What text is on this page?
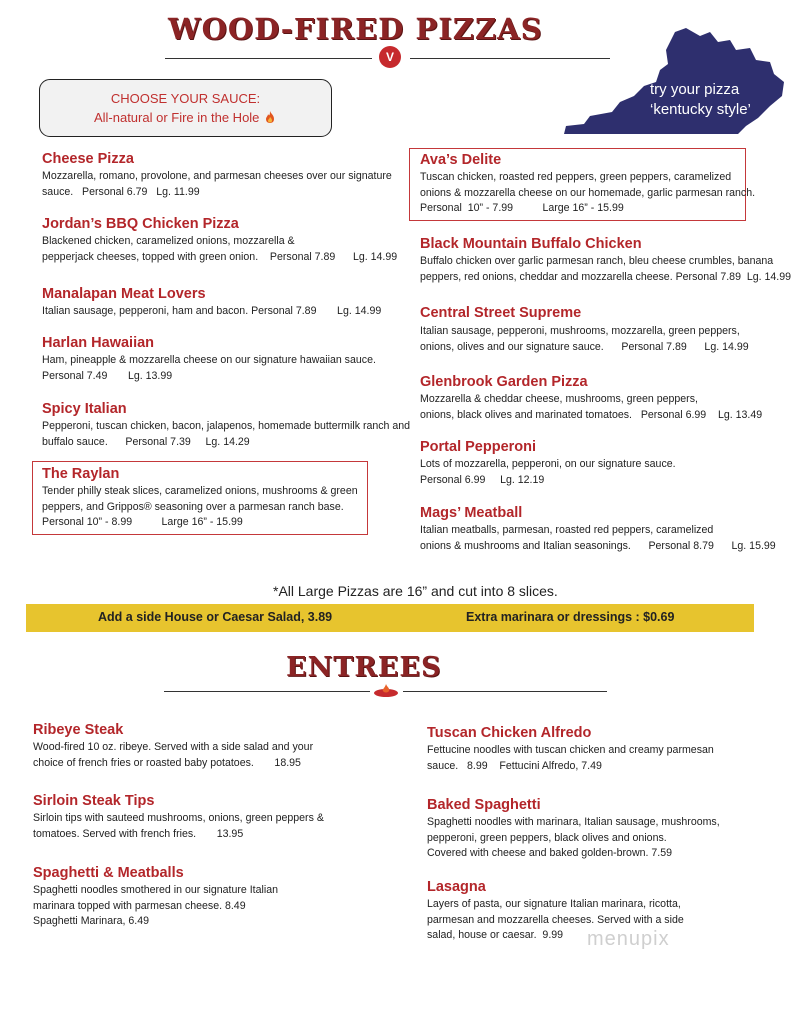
WOOD-FIRED PIZZAS
V
CHOOSE YOUR SAUCE:
All-natural or Fire in the Hole
try your pizza
‘kentucky style’
Cheese Pizza
Mozzarella, romano, provolone, and parmesan cheeses over our signature
sauce.   Personal 6.79   Lg. 11.99
Jordan’s BBQ Chicken Pizza
Blackened chicken, caramelized onions, mozzarella &
pepperjack cheeses, topped with green onion.    Personal 7.89      Lg. 14.99
Manalapan Meat Lovers
Italian sausage, pepperoni, ham and bacon. Personal 7.89       Lg. 14.99
Harlan Hawaiian
Ham, pineapple & mozzarella cheese on our signature hawaiian sauce.
Personal 7.49       Lg. 13.99
Spicy Italian
Pepperoni, tuscan chicken, bacon, jalapenos, homemade buttermilk ranch and
buffalo sauce.      Personal 7.39     Lg. 14.29
The Raylan
Tender philly steak slices, caramelized onions, mushrooms & green
peppers, and Grippos® seasoning over a parmesan ranch base.
Personal 10” - 8.99          Large 16” - 15.99
Ava’s Delite
Tuscan chicken, roasted red peppers, green peppers, caramelized
onions & mozzarella cheese on our homemade, garlic parmesan ranch.
Personal  10” - 7.99          Large 16” - 15.99
Black Mountain Buffalo Chicken
Buffalo chicken over garlic parmesan ranch, bleu cheese crumbles, banana
peppers, red onions, cheddar and mozzarella cheese. Personal 7.89  Lg. 14.99
Central Street Supreme
Italian sausage, pepperoni, mushrooms, mozzarella, green peppers,
onions, olives and our signature sauce.      Personal 7.89      Lg. 14.99
Glenbrook Garden Pizza
Mozzarella & cheddar cheese, mushrooms, green peppers,
onions, black olives and marinated tomatoes.   Personal 6.99    Lg. 13.49
Portal Pepperoni
Lots of mozzarella, pepperoni, on our signature sauce.
Personal 6.99     Lg. 12.19
Mags’ Meatball
Italian meatballs, parmesan, roasted red peppers, caramelized
onions & mushrooms and Italian seasonings.      Personal 8.79      Lg. 15.99
*All Large Pizzas are 16” and cut into 8 slices.
Add a side House or Caesar Salad, 3.89	Extra marinara or dressings : $0.69
ENTREES
Ribeye Steak
Wood-fired 10 oz. ribeye. Served with a side salad and your
choice of french fries or roasted baby potatoes.       18.95
Sirloin Steak Tips
Sirloin tips with sauteed mushrooms, onions, green peppers &
tomatoes. Served with french fries.       13.95
Spaghetti & Meatballs
Spaghetti noodles smothered in our signature Italian
marinara topped with parmesan cheese. 8.49
Spaghetti Marinara, 6.49
Tuscan Chicken Alfredo
Fettucine noodles with tuscan chicken and creamy parmesan
sauce.   8.99    Fettucini Alfredo, 7.49
Baked Spaghetti
Spaghetti noodles with marinara, Italian sausage, mushrooms,
pepperoni, green peppers, black olives and onions.
Covered with cheese and baked golden-brown. 7.59
Lasagna
Layers of pasta, our signature Italian marinara, ricotta,
parmesan and mozzarella cheeses. Served with a side
salad, house or caesar.  9.99	menupix
